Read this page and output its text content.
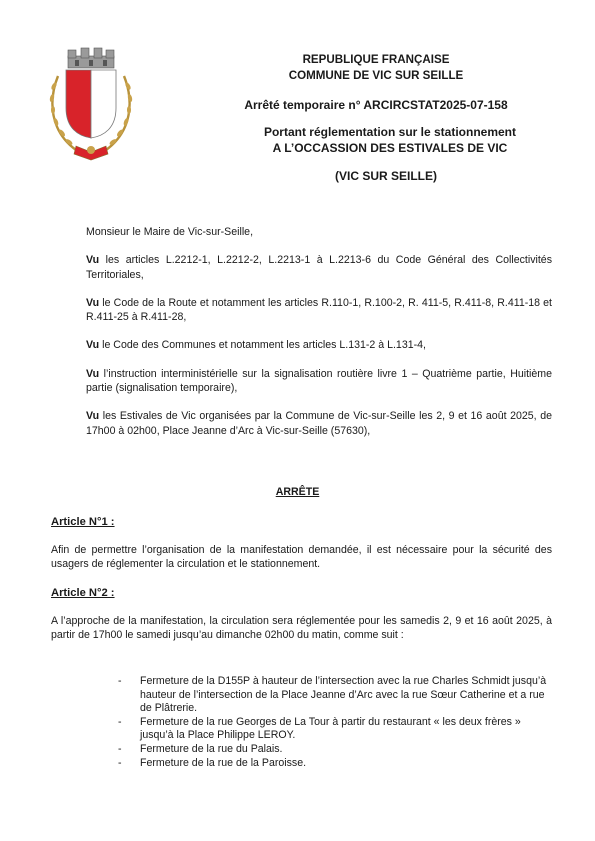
REPUBLIQUE FRANÇAISE
COMMUNE DE VIC SUR SEILLE
Arrêté temporaire n° ARCIRCSTAT2025-07-158
Portant réglementation sur le stationnement
A L’OCCASSION DES ESTIVALES DE VIC
(VIC SUR SEILLE)

Monsieur le Maire de Vic-sur-Seille,

Vu les articles L.2212-1, L.2212-2, L.2213-1 à L.2213-6 du Code Général des Collectivités Territoriales,

Vu le Code de la Route et notamment les articles R.110-1, R.100-2, R. 411-5, R.411-8, R.411-18 et R.411-25 à R.411-28,

Vu le Code des Communes et notamment les articles L.131-2 à L.131-4,

Vu l’instruction interministérielle sur la signalisation routière livre 1 – Quatrième partie, Huitième partie (signalisation temporaire),

Vu les Estivales de Vic organisées par la Commune de Vic-sur-Seille les 2, 9 et 16 août 2025, de 17h00 à 02h00, Place Jeanne d’Arc à Vic-sur-Seille (57630),

ARRÊTE
Article N°1 :
Afin de permettre l’organisation de la manifestation demandée, il est nécessaire pour la sécurité des usagers de réglementer la circulation et le stationnement.
Article N°2 :
A l’approche de la manifestation, la circulation sera réglementée pour les samedis 2, 9 et 16 août 2025, à partir de 17h00 le samedi jusqu’au dimanche 02h00 du matin, comme suit :
- Fermeture de la D155P à hauteur de l’intersection avec la rue Charles Schmidt jusqu’à hauteur de l’intersection de la Place Jeanne d’Arc avec la rue Sœur Catherine et a rue de Plâtrerie.
- Fermeture de la rue Georges de La Tour à partir du restaurant « les deux frères » jusqu’à la Place Philippe LEROY.
- Fermeture de la rue du Palais.
- Fermeture de la rue de la Paroisse.
